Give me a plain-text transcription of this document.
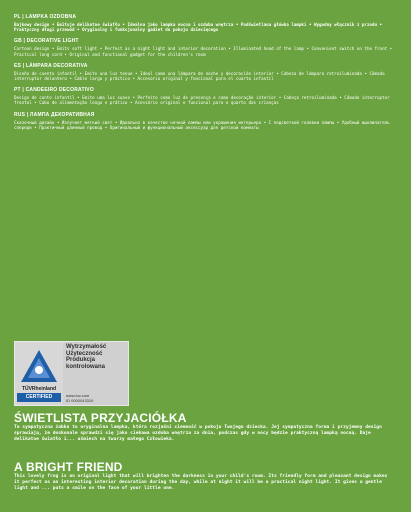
PL | LAMPKA OZDOBNA
Bajkowy design • Emituje delikatne światło • Idealna jako lampka nocna i ozdoba wnętrza • Podświetlana główka lampki • Wygodny włącznik z przodu • Praktyczny długi przewód • Oryginalny i funkcjonalny gadżet do pokoju dziecięcego
GB | DECORATIVE LIGHT
Cartoon design • Emits soft light • Perfect as a night light and interior decoration • Illuminated head of the lamp • Convenient switch on the front • Practical long cord • Original and functional gadget for the children's room
ES | LÁMPARA DECORATIVA
Diseño de cuento infantil • Emite una luz tenue • Ideal como una lámpara de noche y decoración interior • Cabeza de lámpara retroiluminada • Cómodo interruptor delantero • Cable largo y práctico • Accesorio original y funcional para el cuarto infantil
PT | CANDEEIRO DECORATIVO
Design de conto infantil • Emite uma luz suave • Perfeito como luz de presença e como decoração interior • Cabeça retroiluminada • Cómodo interruptor frontal • Cabo de alimentação longo e prático • Acessório original e funcional para o quarto das crianças
RUS | ЛАМПА ДЕКОРАТИВНАЯ
Сказочный дизайн • Излучает мягкий свет • Идеально в качестве ночной лампы или украшения интерьера • С подсветкой головки лампы • Удобный выключатель спереди • Практичный длинный провод • Оригинальный и функциональный аксессуар для детской комнаты
TÜVRheinland
CERTIFIED
Wytrzymałość
Użyteczność
Produkcja
kontrolowana
www.tuv.com
ID 0000043310
ŚWIETLISTA PRZYJACIÓŁKA
Ta sympatyczna żabka to oryginalna lampka, która rozjaśni ciemność w pokoju Twojego dziecka. Jej sympatyczna forma i przyjemny design sprawiają, że doskonale sprawdzi się jako ciekawa ozdoba wnętrza za dnia, podczas gdy w nocy będzie praktyczną lampką nocną. Daje delikatne światło i... uśmiech na twarzy małego Człowieka.
A BRIGHT FRIEND
This lovely frog is an original light that will brighten the darkness in your child's room. Its friendly form and pleasant design makes it perfect as an interesting interior decoration during the day, while at night it will be a practical night light. It gives a gentle light and ... puts a smile on the face of your little one.
